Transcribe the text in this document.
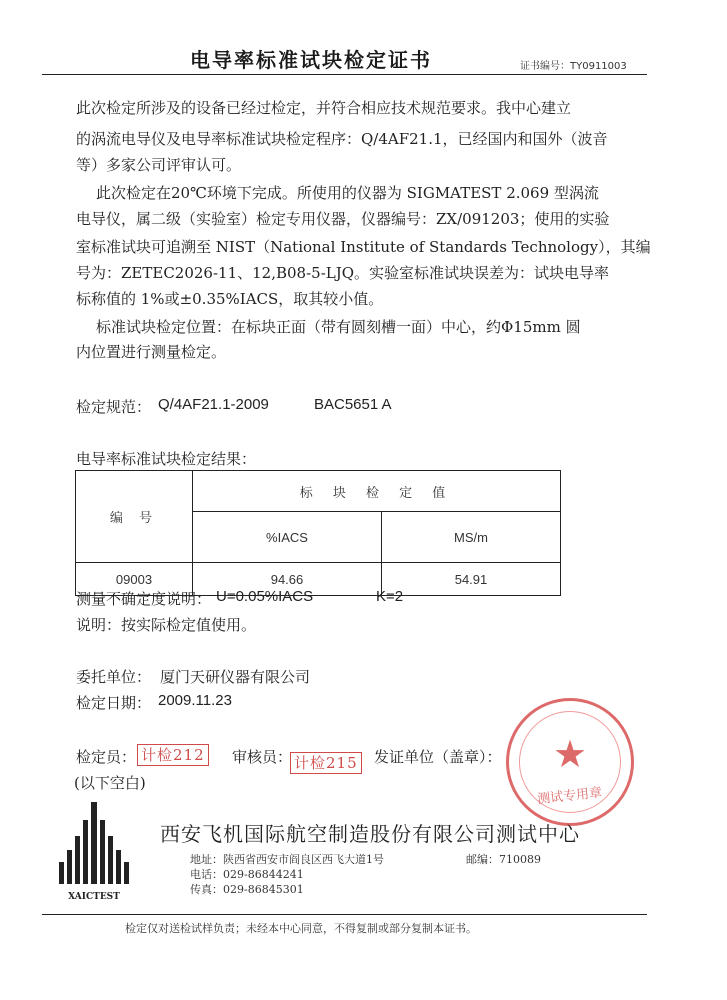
电导率标准试块检定证书	证书编号：TY0911003
此次检定所涉及的设备已经过检定，并符合相应技术规范要求。我中心建立
的涡流电导仪及电导率标准试块检定程序：Q/4AF21.1，已经国内和国外（波音
等）多家公司评审认可。
此次检定在20℃环境下完成。所使用的仪器为 SIGMATEST 2.069 型涡流
电导仪，属二级（实验室）检定专用仪器，仪器编号：ZX/091203；使用的实验
室标准试块可追溯至 NIST（National Institute of Standards Technology），其编
号为：ZETEC2026-11、12,B08-5-LJQ。实验室标准试块误差为：试块电导率
标称值的 1%或±0.35%IACS，取其较小值。
标准试块检定位置：在标块正面（带有圆刻槽一面）中心，约Φ15mm 圆
内位置进行测量检定。
检定规范： Q/4AF21.1-2009	BAC5651 A
电导率标准试块检定结果：
编 号	标 块 检 定 值	
	%IACS	MS/m
09003	94.66	54.91
测量不确定度说明： U=0.05%IACS	K=2
说明：按实际检定值使用。
委托单位： 厦门天研仪器有限公司
检定日期： 2009.11.23
检定员： 计检212 审核员： 计检215 发证单位（盖章）：
(以下空白)
★
测试专用章
XAICTEST
西安飞机国际航空制造股份有限公司测试中心
地址：陕西省西安市阎良区西飞大道1号	邮编：710089
电话：029-86844241
传真：029-86845301
检定仅对送检试样负责；未经本中心同意，不得复制或部分复制本证书。
